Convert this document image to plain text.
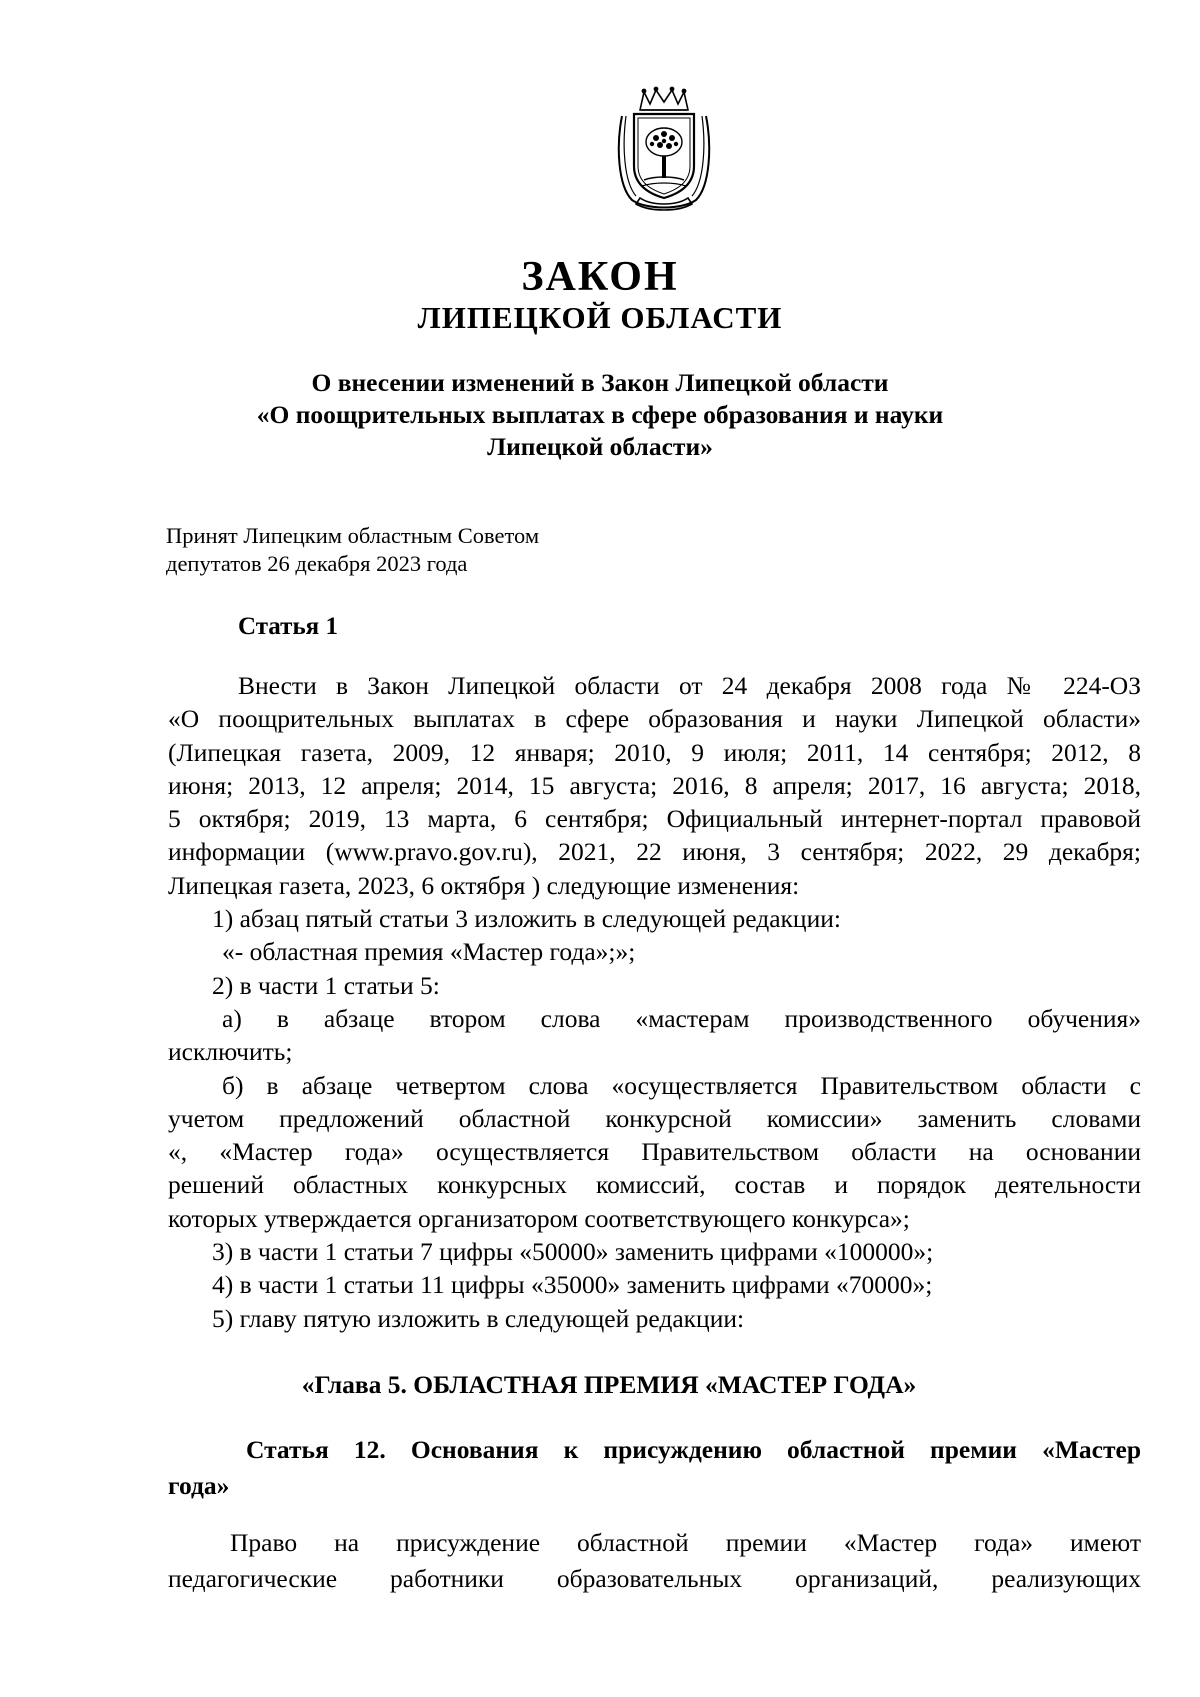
ЗАКОН
ЛИПЕЦКОЙ ОБЛАСТИ
О внесении изменений в Закон Липецкой области
«О поощрительных выплатах в сфере образования и науки
Липецкой области»
Принят Липецким областным Советом
депутатов 26 декабря 2023 года
Статья 1
Внести в Закон Липецкой области от 24 декабря 2008 года № 224-ОЗ
«О поощрительных выплатах в сфере образования и науки Липецкой области»
(Липецкая газета, 2009, 12 января; 2010, 9 июля; 2011, 14 сентября; 2012, 8
июня; 2013, 12 апреля; 2014, 15 августа; 2016, 8 апреля; 2017, 16 августа; 2018,
5 октября; 2019, 13 марта, 6 сентября; Официальный интернет-портал правовой
информации (www.pravo.gov.ru), 2021, 22 июня, 3 сентября; 2022, 29 декабря;
Липецкая газета, 2023, 6 октября ) следующие изменения:
1) абзац пятый статьи 3 изложить в следующей редакции:
«- областная премия «Мастер года»;»;
2) в части 1 статьи 5:
а) в абзаце втором слова «мастерам производственного обучения»
исключить;
б) в абзаце четвертом слова «осуществляется Правительством области с
учетом предложений областной конкурсной комиссии» заменить словами
«, «Мастер года» осуществляется Правительством области на основании
решений областных конкурсных комиссий, состав и порядок деятельности
которых утверждается организатором соответствующего конкурса»;
3) в части 1 статьи 7 цифры «50000» заменить цифрами «100000»;
4) в части 1 статьи 11 цифры «35000» заменить цифрами «70000»;
5) главу пятую изложить в следующей редакции:
«Глава 5. ОБЛАСТНАЯ ПРЕМИЯ «МАСТЕР ГОДА»
Статья 12. Основания к присуждению областной премии «Мастер
года»
Право на присуждение областной премии «Мастер года» имеют
педагогические работники образовательных организаций, реализующих
